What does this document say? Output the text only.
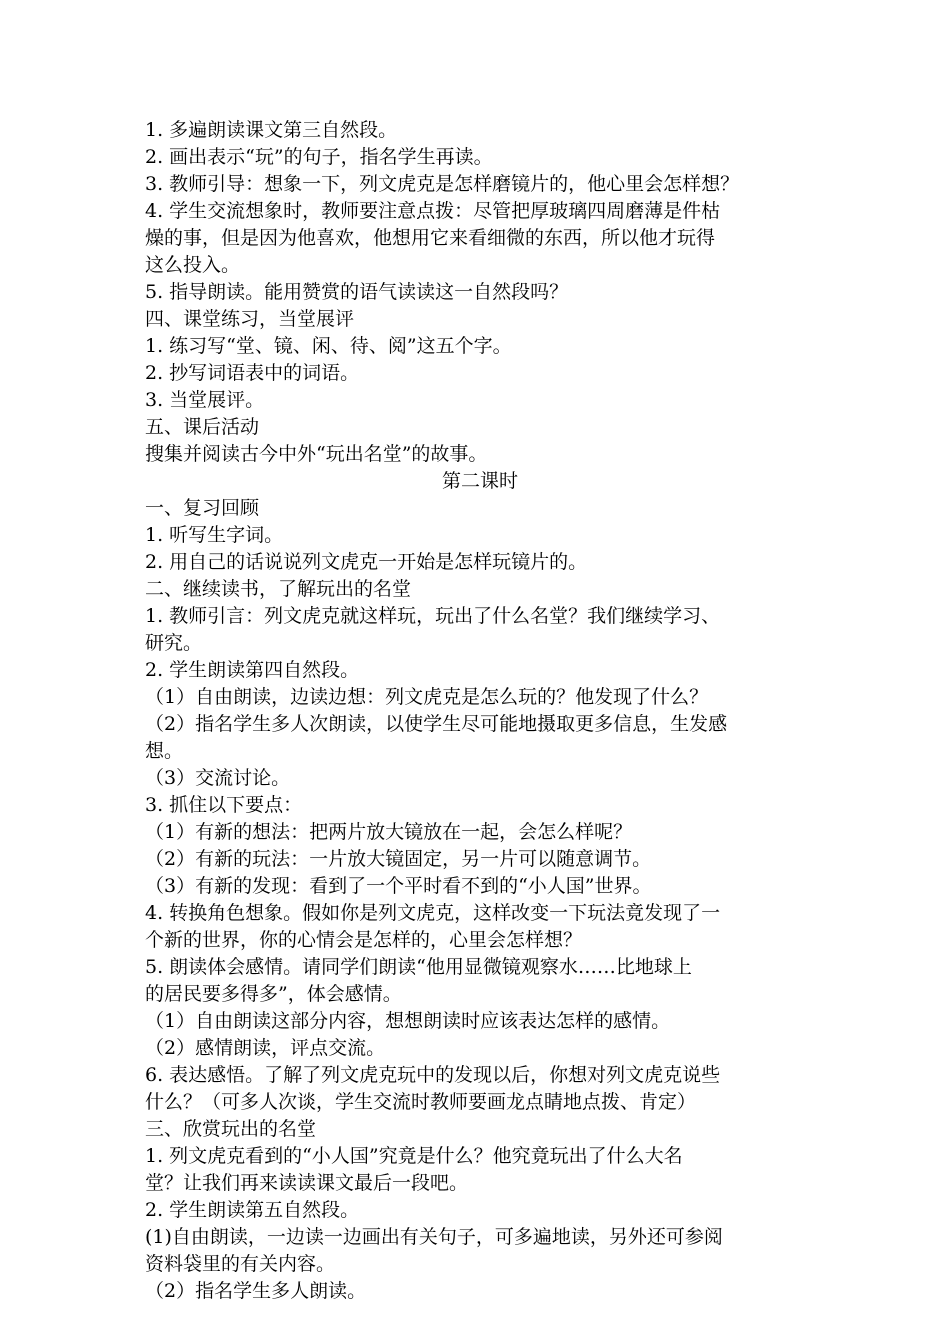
1. 多遍朗读课文第三自然段。
2. 画出表示“玩”的句子，指名学生再读。
3. 教师引导：想象一下，列文虎克是怎样磨镜片的，他心里会怎样想？
4. 学生交流想象时，教师要注意点拨：尽管把厚玻璃四周磨薄是件枯
燥的事，但是因为他喜欢，他想用它来看细微的东西，所以他才玩得
这么投入。
5. 指导朗读。能用赞赏的语气读读这一自然段吗？
四、课堂练习，当堂展评
1. 练习写“堂、镜、闲、待、阅”这五个字。
2. 抄写词语表中的词语。
3. 当堂展评。
五、课后活动
搜集并阅读古今中外“玩出名堂”的故事。
第二课时
一、复习回顾
1. 听写生字词。
2. 用自己的话说说列文虎克一开始是怎样玩镜片的。
二、继续读书，了解玩出的名堂
1. 教师引言：列文虎克就这样玩，玩出了什么名堂？我们继续学习、
研究。
2. 学生朗读第四自然段。
（1）自由朗读，边读边想：列文虎克是怎么玩的？他发现了什么？
（2）指名学生多人次朗读，以使学生尽可能地摄取更多信息，生发感
想。
（3）交流讨论。
3. 抓住以下要点：
（1）有新的想法：把两片放大镜放在一起，会怎么样呢？
（2）有新的玩法：一片放大镜固定，另一片可以随意调节。
（3）有新的发现：看到了一个平时看不到的“小人国”世界。
4. 转换角色想象。假如你是列文虎克，这样改变一下玩法竟发现了一
个新的世界，你的心情会是怎样的，心里会怎样想？
5. 朗读体会感情。请同学们朗读“他用显微镜观察水……比地球上
的居民要多得多”，体会感情。
（1）自由朗读这部分内容，想想朗读时应该表达怎样的感情。
（2）感情朗读，评点交流。
6. 表达感悟。了解了列文虎克玩中的发现以后，你想对列文虎克说些
什么？（可多人次谈，学生交流时教师要画龙点睛地点拨、肯定）
三、欣赏玩出的名堂
1. 列文虎克看到的“小人国”究竟是什么？他究竟玩出了什么大名
堂？让我们再来读读课文最后一段吧。
2. 学生朗读第五自然段。
(1)自由朗读，一边读一边画出有关句子，可多遍地读，另外还可参阅
资料袋里的有关内容。
（2）指名学生多人朗读。
